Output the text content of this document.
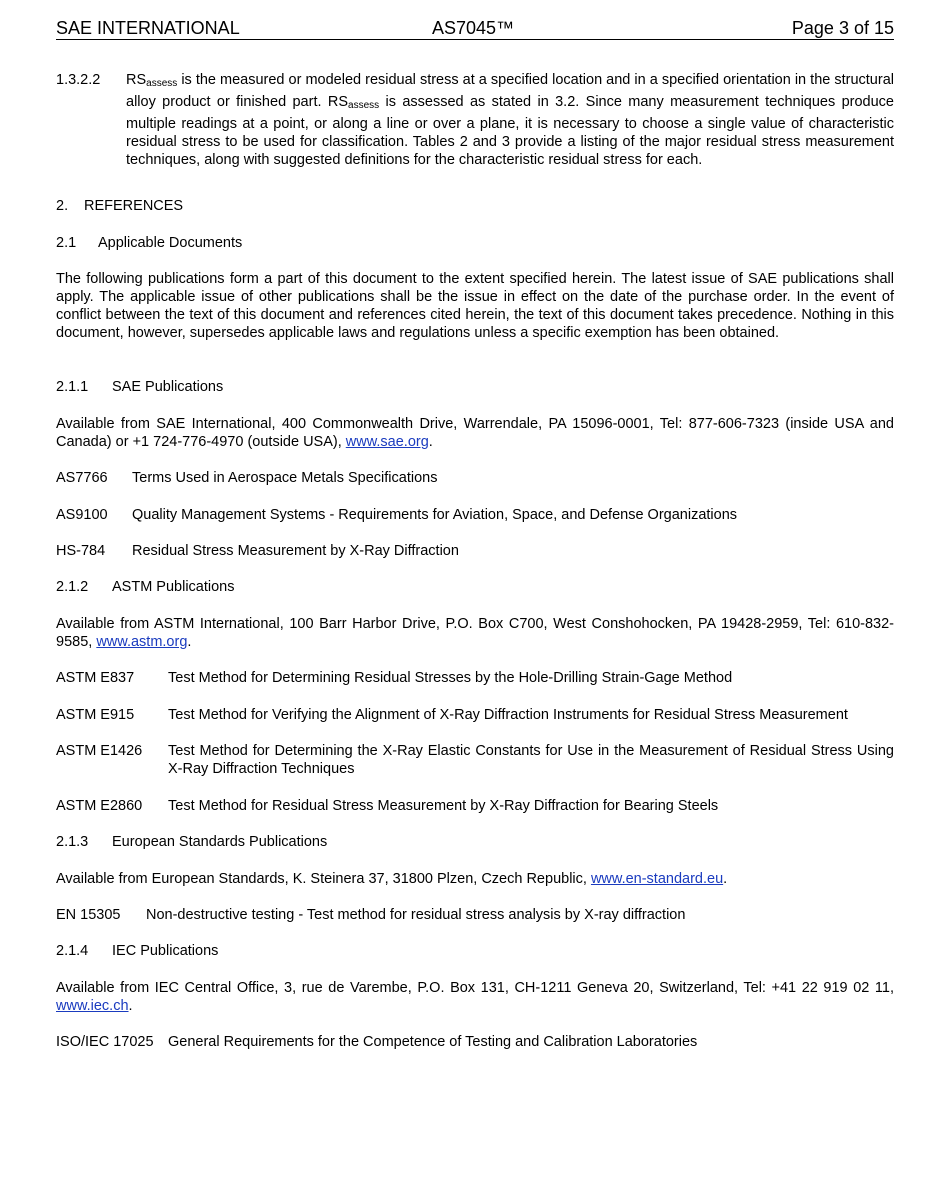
SAE INTERNATIONAL	AS7045™	Page 3 of 15
1.3.2.2 $RS_{assess}$ is the measured or modeled residual stress at a specified location and in a specified orientation in the structural alloy product or finished part. $RS_{assess}$ is assessed as stated in 3.2. Since many measurement techniques produce multiple readings at a point, or along a line or over a plane, it is necessary to choose a single value of characteristic residual stress to be used for classification. Tables 2 and 3 provide a listing of the major residual stress measurement techniques, along with suggested definitions for the characteristic residual stress for each.
2. REFERENCES
2.1 Applicable Documents
The following publications form a part of this document to the extent specified herein. The latest issue of SAE publications shall apply. The applicable issue of other publications shall be the issue in effect on the date of the purchase order. In the event of conflict between the text of this document and references cited herein, the text of this document takes precedence. Nothing in this document, however, supersedes applicable laws and regulations unless a specific exemption has been obtained.
2.1.1 SAE Publications
Available from SAE International, 400 Commonwealth Drive, Warrendale, PA 15096-0001, Tel: 877-606-7323 (inside USA and Canada) or +1 724-776-4970 (outside USA), www.sae.org.
AS7766 Terms Used in Aerospace Metals Specifications
AS9100 Quality Management Systems - Requirements for Aviation, Space, and Defense Organizations
HS-784 Residual Stress Measurement by X-Ray Diffraction
2.1.2 ASTM Publications
Available from ASTM International, 100 Barr Harbor Drive, P.O. Box C700, West Conshohocken, PA 19428-2959, Tel: 610-832-9585, www.astm.org.
ASTM E837 Test Method for Determining Residual Stresses by the Hole-Drilling Strain-Gage Method
ASTM E915 Test Method for Verifying the Alignment of X-Ray Diffraction Instruments for Residual Stress Measurement
ASTM E1426 Test Method for Determining the X-Ray Elastic Constants for Use in the Measurement of Residual Stress Using X-Ray Diffraction Techniques
ASTM E2860 Test Method for Residual Stress Measurement by X-Ray Diffraction for Bearing Steels
2.1.3 European Standards Publications
Available from European Standards, K. Steinera 37, 31800 Plzen, Czech Republic, www.en-standard.eu.
EN 15305 Non-destructive testing - Test method for residual stress analysis by X-ray diffraction
2.1.4 IEC Publications
Available from IEC Central Office, 3, rue de Varembe, P.O. Box 131, CH-1211 Geneva 20, Switzerland, Tel: +41 22 919 02 11, www.iec.ch.
ISO/IEC 17025 General Requirements for the Competence of Testing and Calibration Laboratories
